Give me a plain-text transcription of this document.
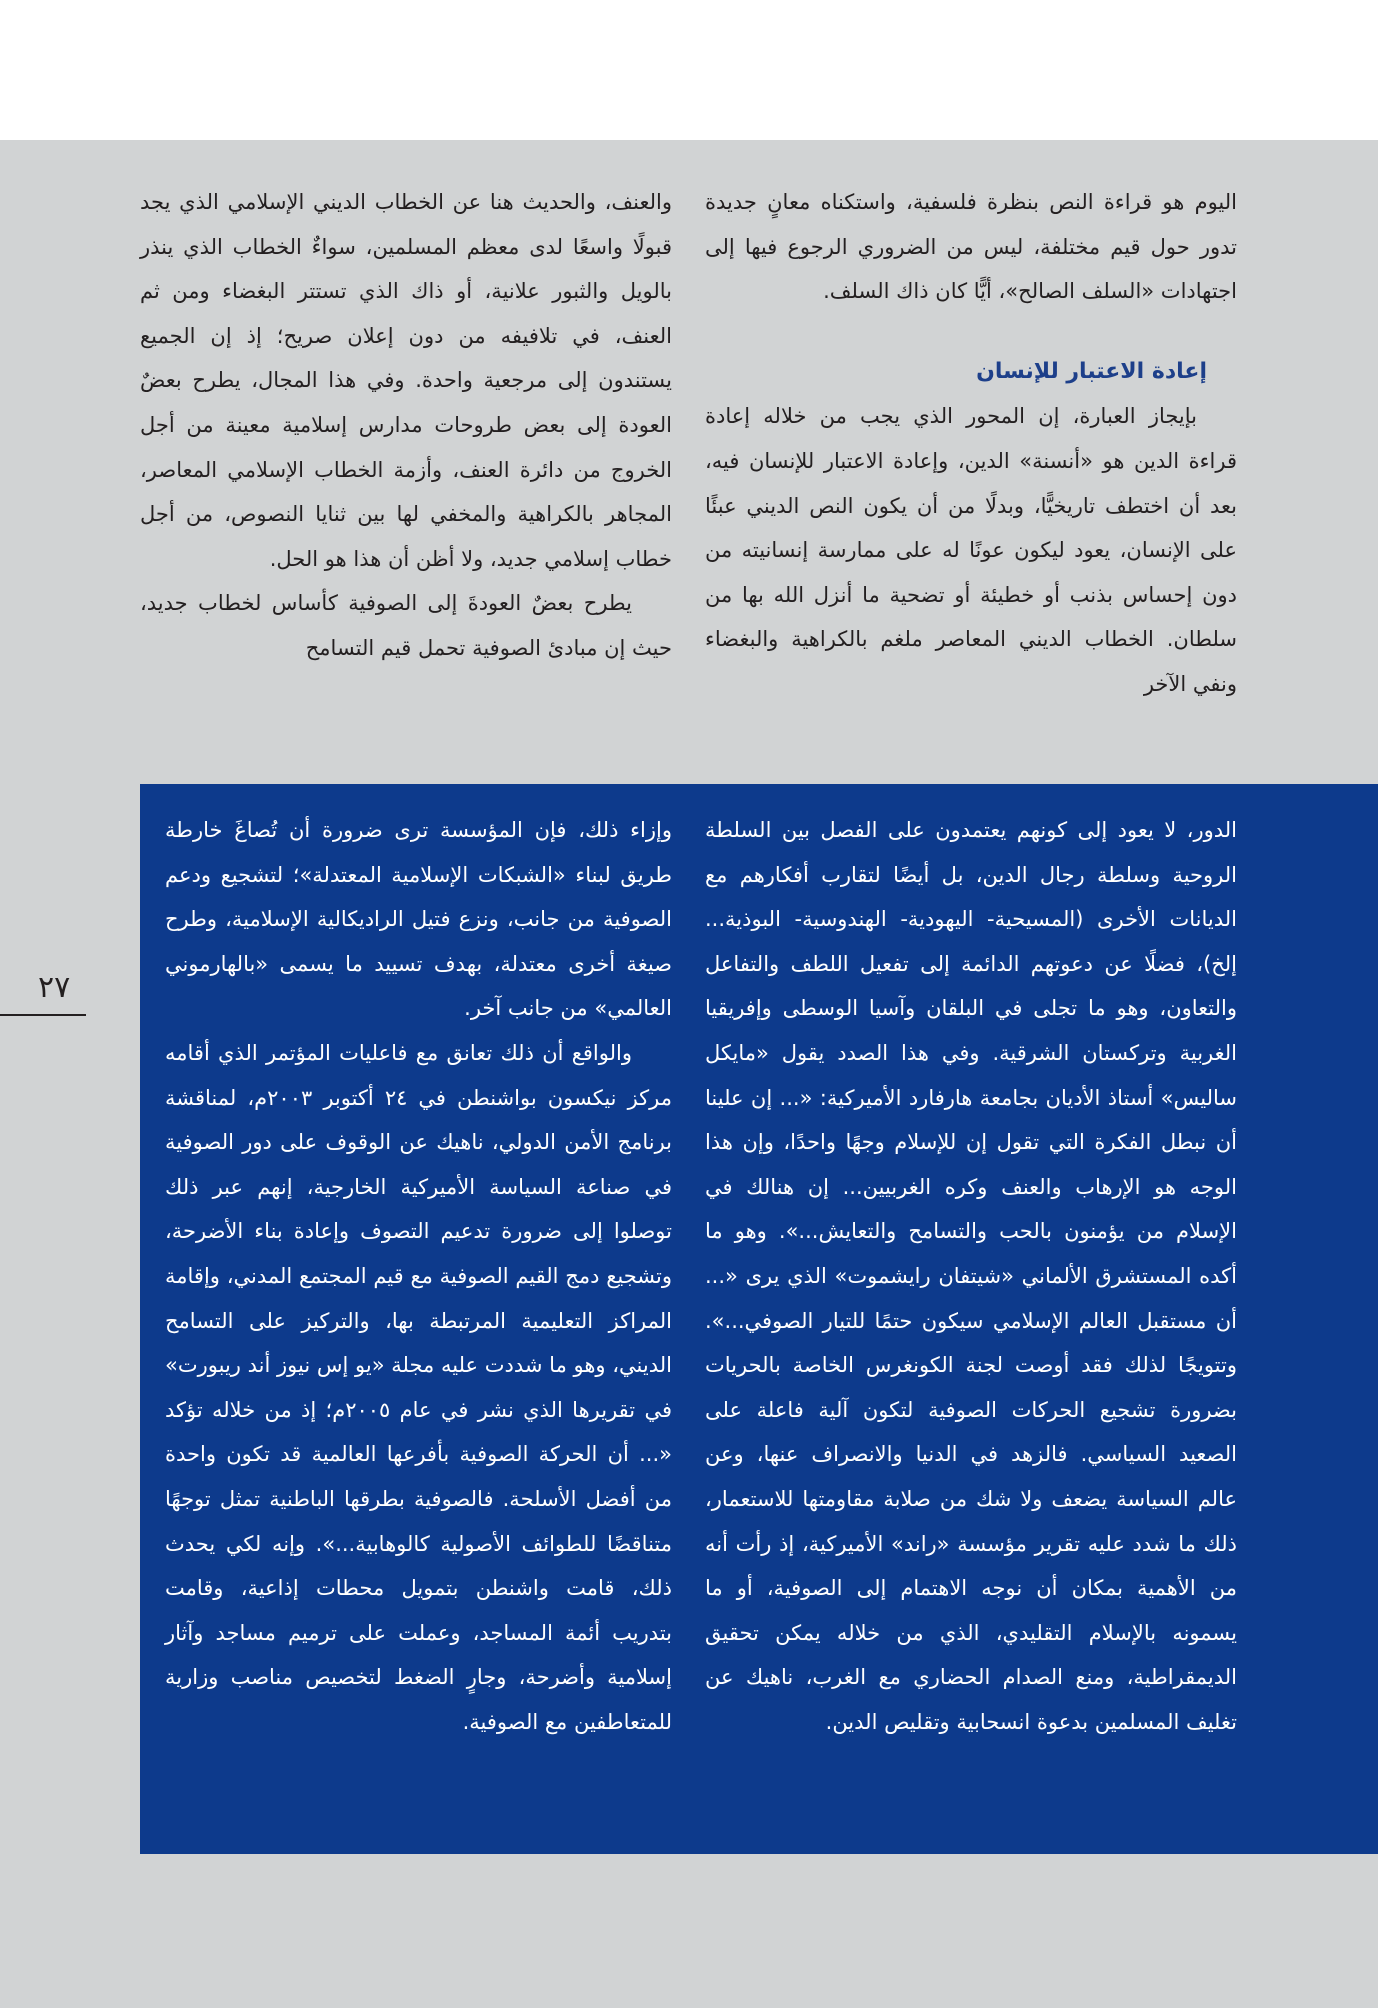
اليوم هو قراءة النص بنظرة فلسفية، واستكناه معانٍ جديدة تدور حول قيم مختلفة، ليس من الضروري الرجوع فيها إلى اجتهادات «السلف الصالح»، أيًّا كان ذاك السلف.

إعادة الاعتبار للإنسان

بإيجاز العبارة، إن المحور الذي يجب من خلاله إعادة قراءة الدين هو «أنسنة» الدين، وإعادة الاعتبار للإنسان فيه، بعد أن اختطف تاريخيًّا، وبدلًا من أن يكون النص الديني عبئًا على الإنسان، يعود ليكون عونًا له على ممارسة إنسانيته من دون إحساس بذنب أو خطيئة أو تضحية ما أنزل الله بها من سلطان. الخطاب الديني المعاصر ملغم بالكراهية والبغضاء ونفي الآخر

والعنف، والحديث هنا عن الخطاب الديني الإسلامي الذي يجد قبولًا واسعًا لدى معظم المسلمين، سواءٌ الخطاب الذي ينذر بالويل والثبور علانية، أو ذاك الذي تستتر البغضاء ومن ثم العنف، في تلافيفه من دون إعلان صريح؛ إذ إن الجميع يستندون إلى مرجعية واحدة. وفي هذا المجال، يطرح بعضٌ العودة إلى بعض طروحات مدارس إسلامية معينة من أجل الخروج من دائرة العنف، وأزمة الخطاب الإسلامي المعاصر، المجاهر بالكراهية والمخفي لها بين ثنايا النصوص، من أجل خطاب إسلامي جديد، ولا أظن أن هذا هو الحل.

يطرح بعضٌ العودةَ إلى الصوفية كأساس لخطاب جديد، حيث إن مبادئ الصوفية تحمل قيم التسامح

الدور، لا يعود إلى كونهم يعتمدون على الفصل بين السلطة الروحية وسلطة رجال الدين، بل أيضًا لتقارب أفكارهم مع الديانات الأخرى (المسيحية- اليهودية- الهندوسية- البوذية... إلخ)، فضلًا عن دعوتهم الدائمة إلى تفعيل اللطف والتفاعل والتعاون، وهو ما تجلى في البلقان وآسيا الوسطى وإفريقيا الغربية وتركستان الشرقية. وفي هذا الصدد يقول «مايكل ساليس» أستاذ الأديان بجامعة هارفارد الأميركية: «... إن علينا أن نبطل الفكرة التي تقول إن للإسلام وجهًا واحدًا، وإن هذا الوجه هو الإرهاب والعنف وكره الغربيين... إن هنالك في الإسلام من يؤمنون بالحب والتسامح والتعايش...». وهو ما أكده المستشرق الألماني «شيتفان رايشموت» الذي يرى «... أن مستقبل العالم الإسلامي سيكون حتمًا للتيار الصوفي...». وتتويجًا لذلك فقد أوصت لجنة الكونغرس الخاصة بالحريات بضرورة تشجيع الحركات الصوفية لتكون آلية فاعلة على الصعيد السياسي. فالزهد في الدنيا والانصراف عنها، وعن عالم السياسة يضعف ولا شك من صلابة مقاومتها للاستعمار، ذلك ما شدد عليه تقرير مؤسسة «راند» الأميركية، إذ رأت أنه من الأهمية بمكان أن نوجه الاهتمام إلى الصوفية، أو ما يسمونه بالإسلام التقليدي، الذي من خلاله يمكن تحقيق الديمقراطية، ومنع الصدام الحضاري مع الغرب، ناهيك عن تغليف المسلمين بدعوة انسحابية وتقليص الدين.

وإزاء ذلك، فإن المؤسسة ترى ضرورة أن تُصاغَ خارطة طريق لبناء «الشبكات الإسلامية المعتدلة»؛ لتشجيع ودعم الصوفية من جانب، ونزع فتيل الراديكالية الإسلامية، وطرح صيغة أخرى معتدلة، بهدف تسييد ما يسمى «بالهارموني العالمي» من جانب آخر.

والواقع أن ذلك تعانق مع فاعليات المؤتمر الذي أقامه مركز نيكسون بواشنطن في ٢٤ أكتوبر ٢٠٠٣م، لمناقشة برنامج الأمن الدولي، ناهيك عن الوقوف على دور الصوفية في صناعة السياسة الأميركية الخارجية، إنهم عبر ذلك توصلوا إلى ضرورة تدعيم التصوف وإعادة بناء الأضرحة، وتشجيع دمج القيم الصوفية مع قيم المجتمع المدني، وإقامة المراكز التعليمية المرتبطة بها، والتركيز على التسامح الديني، وهو ما شددت عليه مجلة «يو إس نيوز أند ريبورت» في تقريرها الذي نشر في عام ٢٠٠٥م؛ إذ من خلاله تؤكد «... أن الحركة الصوفية بأفرعها العالمية قد تكون واحدة من أفضل الأسلحة. فالصوفية بطرقها الباطنية تمثل توجهًا متناقضًا للطوائف الأصولية كالوهابية...». وإنه لكي يحدث ذلك، قامت واشنطن بتمويل محطات إذاعية، وقامت بتدريب أئمة المساجد، وعملت على ترميم مساجد وآثار إسلامية وأضرحة، وجارٍ الضغط لتخصيص مناصب وزارية للمتعاطفين مع الصوفية.

٢٧
